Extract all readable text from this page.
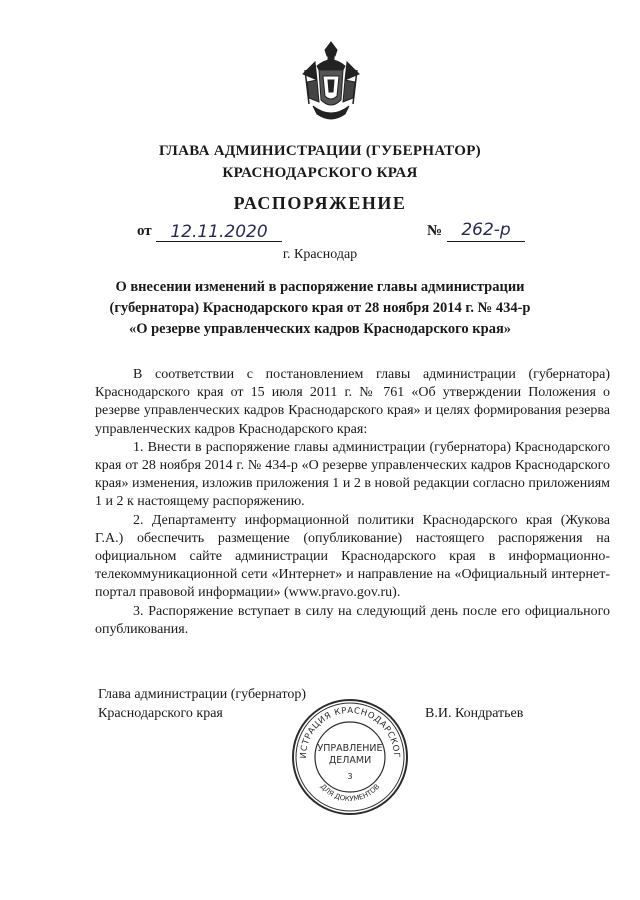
ГЛАВА АДМИНИСТРАЦИИ (ГУБЕРНАТОР)
КРАСНОДАРСКОГО КРАЯ
РАСПОРЯЖЕНИЕ
от	12.11.2020	№	262-р
г. Краснодар
О внесении изменений в распоряжение главы администрации
(губернатора) Краснодарского края от 28 ноября 2014 г. № 434-р
«О резерве управленческих кадров Краснодарского края»

В соответствии с постановлением главы администрации (губернатора) Краснодарского края от 15 июля 2011 г. № 761 «Об утверждении Положения о резерве управленческих кадров Краснодарского края» и целях формирования резерва управленческих кадров Краснодарского края:

1. Внести в распоряжение главы администрации (губернатора) Краснодарского края от 28 ноября 2014 г. № 434-р «О резерве управленческих кадров Краснодарского края» изменения, изложив приложения 1 и 2 в новой редакции согласно приложениям 1 и 2 к настоящему распоряжению.

2. Департаменту информационной политики Краснодарского края (Жукова Г.А.) обеспечить размещение (опубликование) настоящего распоряжения на официальном сайте администрации Краснодарского края в информационно-телекоммуникационной сети «Интернет» и направление на «Официальный интернет-портал правовой информации» (www.pravo.gov.ru).

3. Распоряжение вступает в силу на следующий день после его официального опубликования.

Глава администрации (губернатор)
Краснодарского края	В.И. Кондратьев
ИСТРАЦИЯ КРАСНОДАРСКОГ
ДЛЯ ДОКУМЕНТОВ
УПРАВЛЕНИЕ
ДЕЛАМИ
3
